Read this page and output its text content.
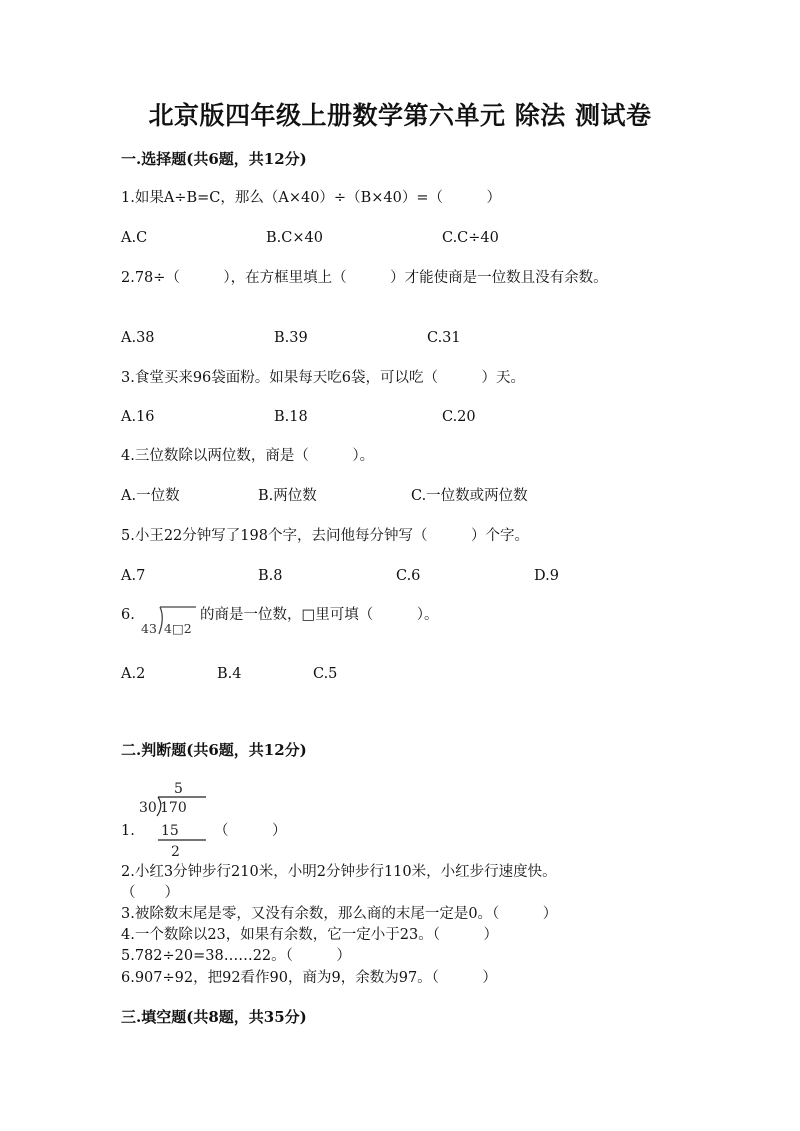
北京版四年级上册数学第六单元 除法 测试卷
一.选择题(共6题，共12分)
1.如果A÷B=C，那么（A×40）÷（B×40）=（　　　）
A.C	B.C×40	C.C÷40
2.78÷（　　　），在方框里填上（　　　）才能使商是一位数且没有余数。
A.38	B.39	C.31
3.食堂买来96袋面粉。如果每天吃6袋，可以吃（　　　）天。
A.16	B.18	C.20
4.三位数除以两位数，商是（　　　）。
A.一位数	B.两位数	C.一位数或两位数
5.小王22分钟写了198个字，去问他每分钟写（　　　）个字。
A.7	B.8	C.6	D.9
6.
43 4□2
的商是一位数，□里可填（　　　）。
A.2	B.4	C.5
二.判断题(共6题，共12分)
5
30 170
15
2
1.	（　　　）
2.小红3分钟步行210米，小明2分钟步行110米，小红步行速度快。
（　　）
3.被除数末尾是零，又没有余数，那么商的末尾一定是0。（　　　）
4.一个数除以23，如果有余数，它一定小于23。（　　　）
5.782÷20=38……22。（　　　）
6.907÷92，把92看作90，商为9，余数为97。（　　　）
三.填空题(共8题，共35分)
